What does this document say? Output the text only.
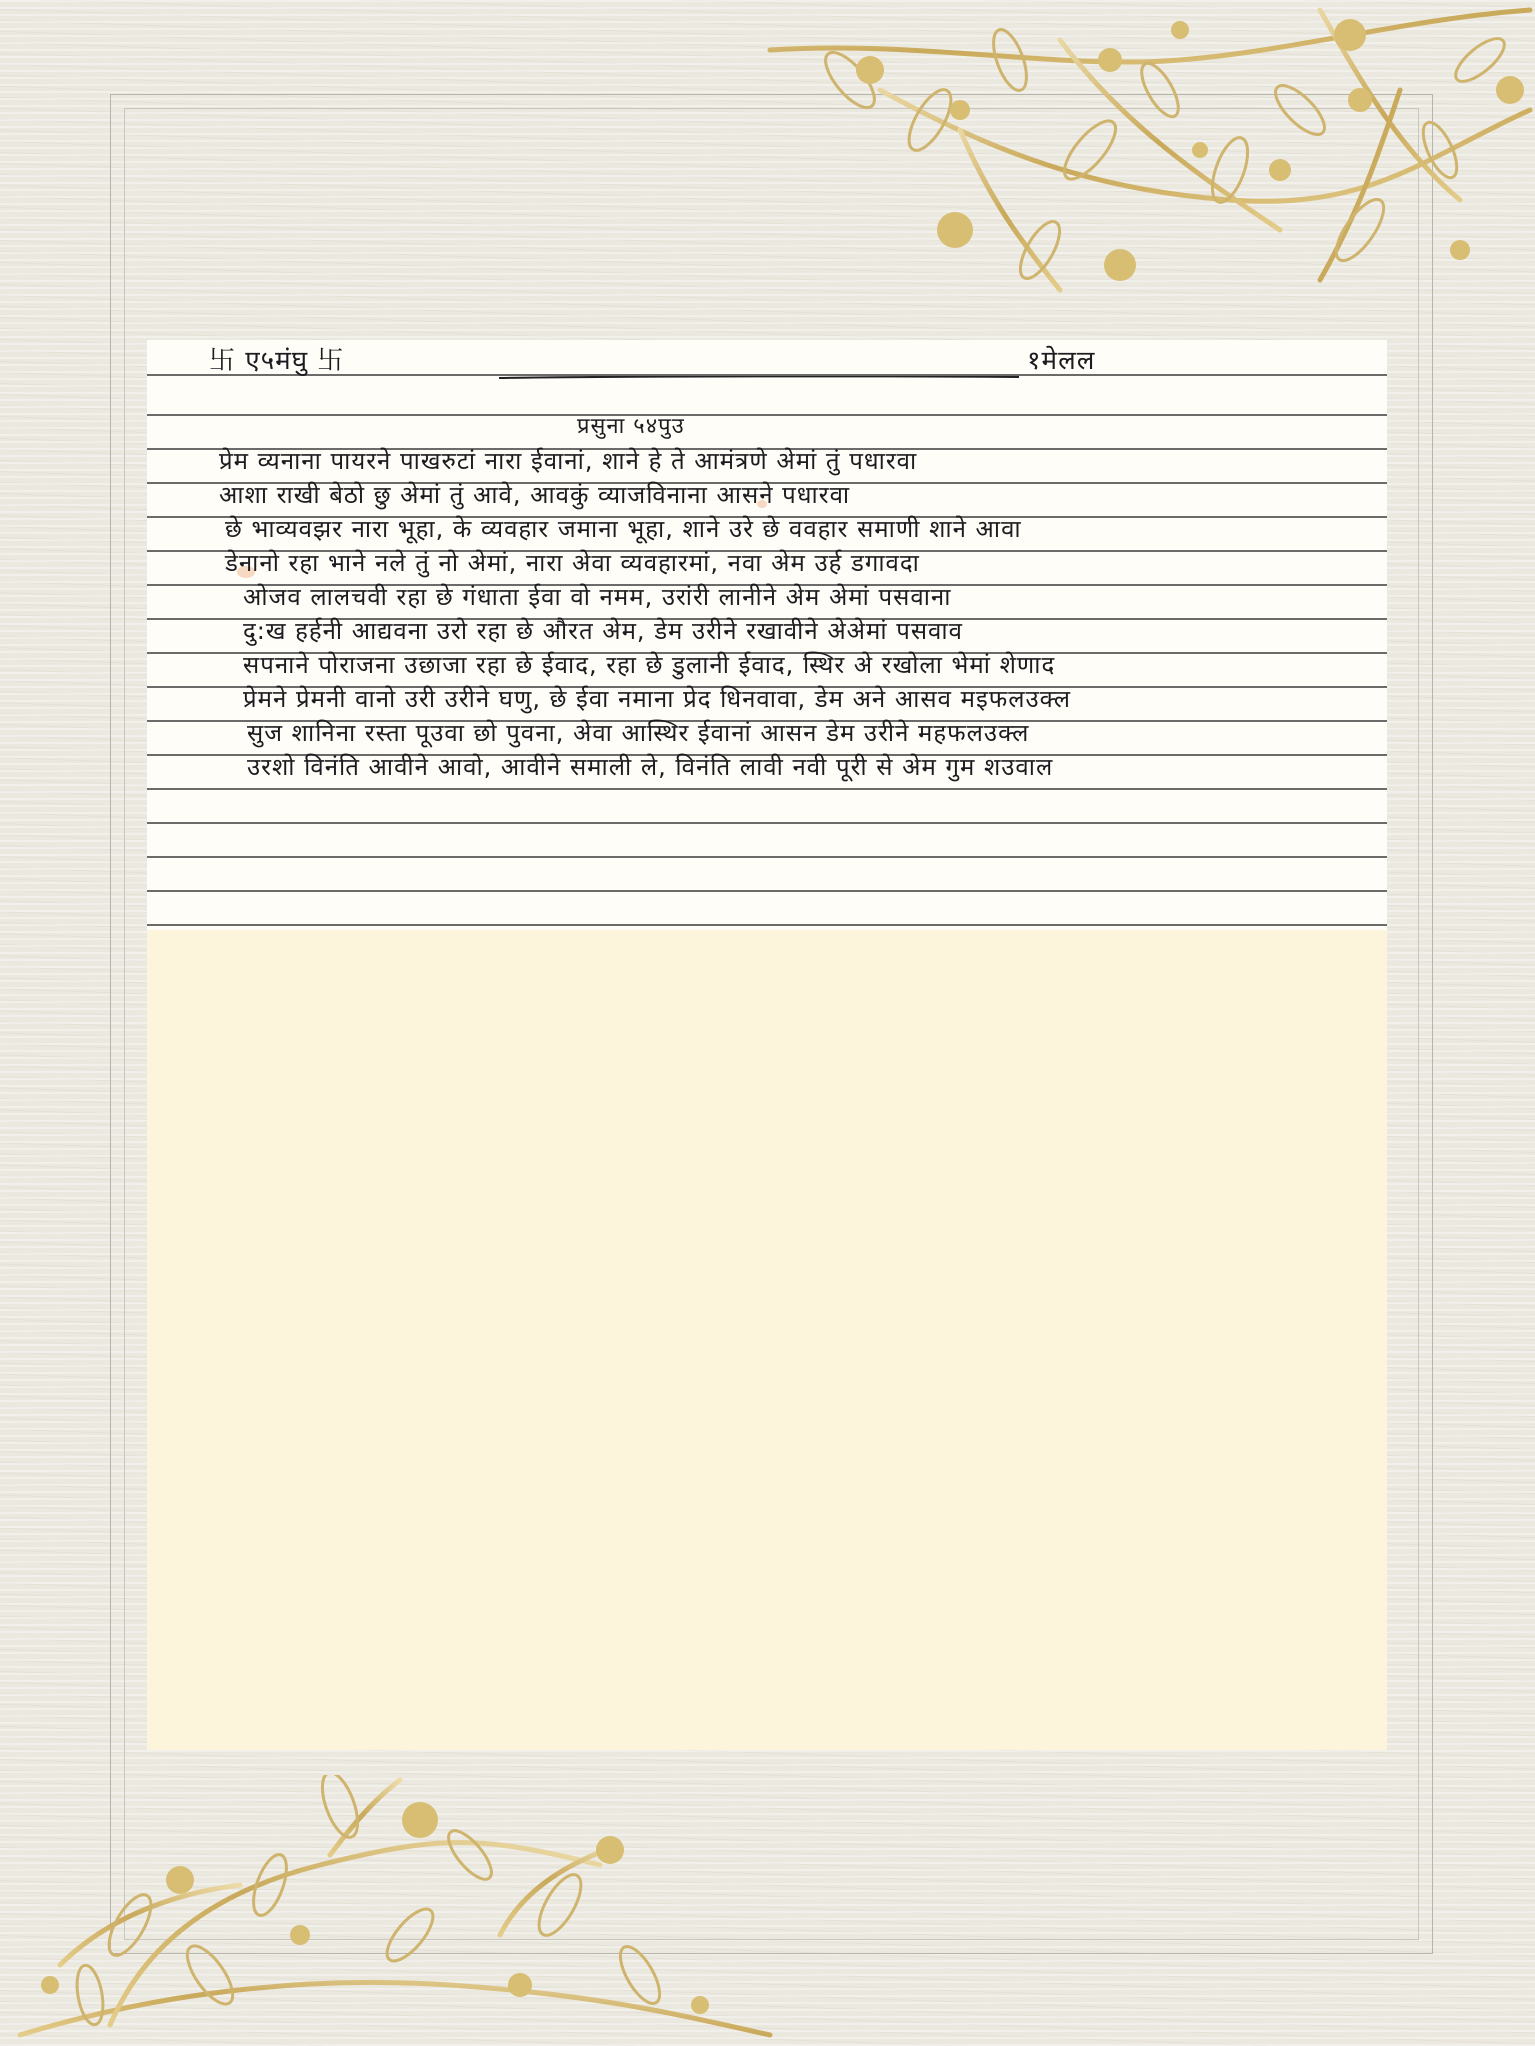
卐 ए५मंघु 卐	१मेलल
प्रसुना ५४पुउ
प्रेम व्यनाना पायरने पाखरुटां नारा ईवानां, शाने हे ते आमंत्रणे अेमां तुं पधारवा
आशा राखी बेठो छु अेमां तुं आवे, आवकुं व्याजविनाना आसने पधारवा
छे भाव्यवझर नारा भूहा, के व्यवहार जमाना भूहा, शाने उरे छे ववहार समाणी शाने आवा
डेनानो रहा भाने नले तुं नो अेमां, नारा अेवा व्यवहारमां, नवा अेम उर्ह डगावदा
ओजव लालचवी रहा छे गंधाता ईवा वो नमम, उरांरी लानीने अेम अेमां पसवाना
दु:ख हर्हनी आद्यवना उरो रहा छे औरत अेम, डेम उरीने रखावीने अेअेमां पसवाव
सपनाने पोराजना उछाजा रहा छे ईवाद, रहा छे डुलानी ईवाद, स्थिर अे रखोला भेमां शेणाद
प्रेमने प्रेमनी वानो उरी उरीने घणु, छे ईवा नमाना प्रेद धिनवावा, डेम अने आसव मइफलउक्ल
सुज शानिना रस्ता पूउवा छो पुवना, अेवा आस्थिर ईवानां आसन डेम उरीने महफलउक्ल
उरशो विनंति आवीने आवो, आवीने समाली ले, विनंति लावी नवी पूरी से अेम गुम शउवाल
